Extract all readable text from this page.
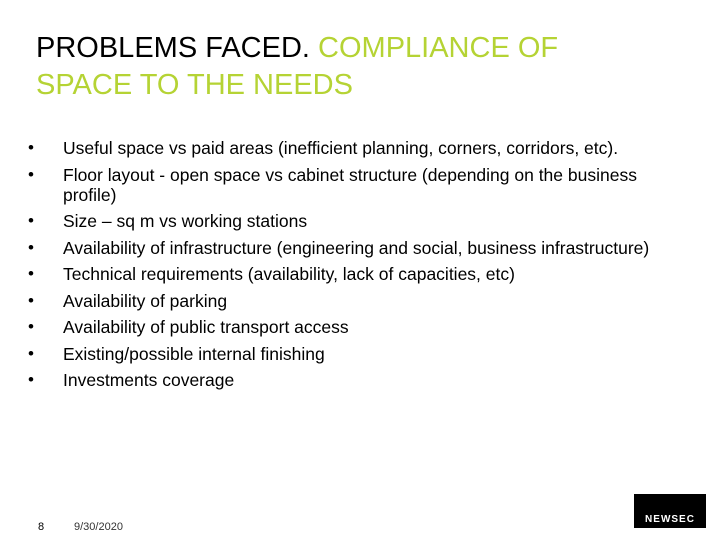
PROBLEMS FACED. COMPLIANCE OF
SPACE TO THE NEEDS
• Useful space vs paid areas (inefficient planning, corners, corridors, etc).
• Floor layout - open space vs cabinet structure (depending on the business profile)
• Size – sq m vs working stations
• Availability of infrastructure (engineering and social, business infrastructure)
• Technical requirements (availability, lack of capacities, etc)
• Availability of parking
• Availability of public transport access
• Existing/possible internal finishing
• Investments coverage
8	9/30/2020
NEWSEC
